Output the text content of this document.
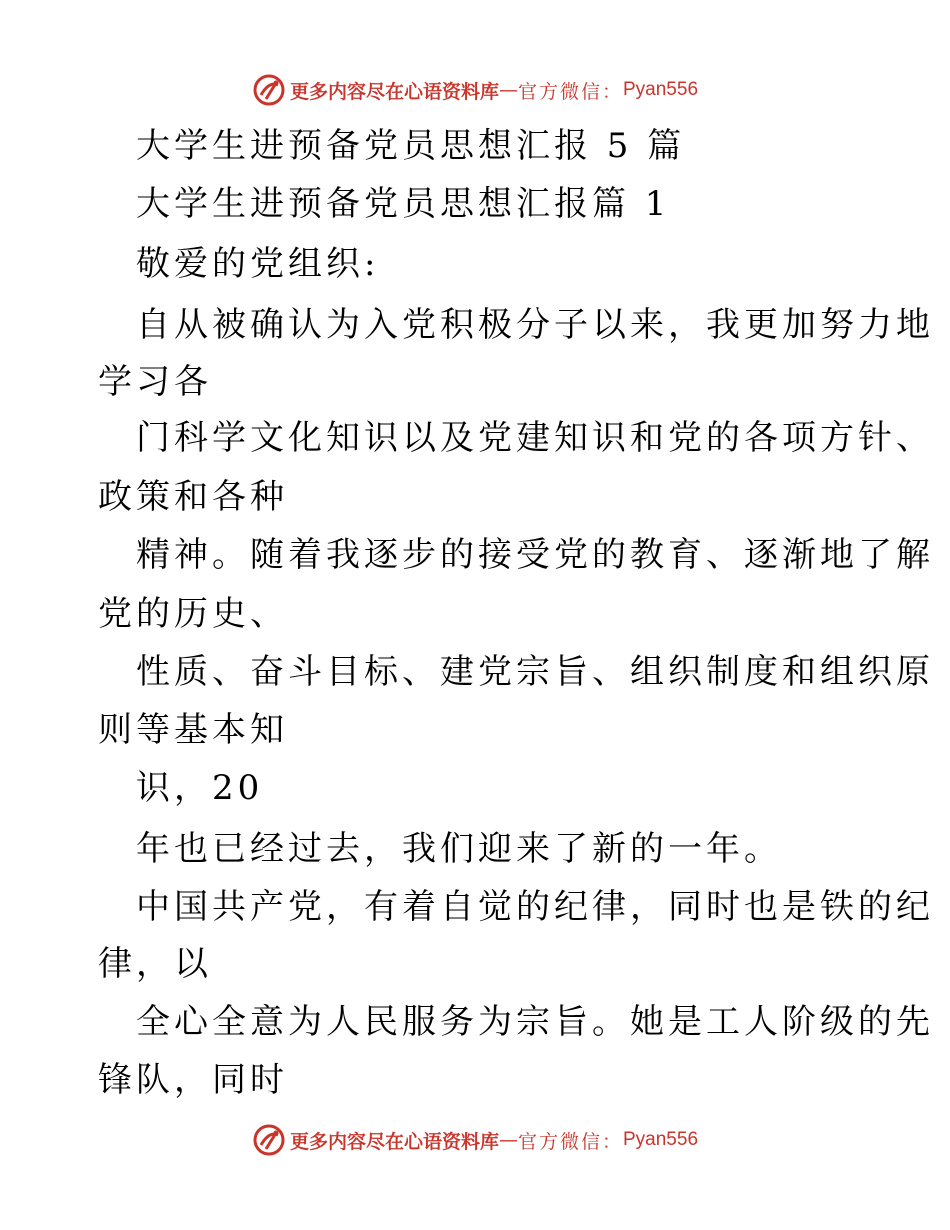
更多内容尽在心语资料库 — 官方微信： Pyan556
大学生进预备党员思想汇报 5 篇
大学生进预备党员思想汇报篇 1
敬爱的党组织:
自从被确认为入党积极分子以来，我更加努力地
学习各
门科学文化知识以及党建知识和党的各项方针、
政策和各种
精神。随着我逐步的接受党的教育、逐渐地了解
党的历史、
性质、奋斗目标、建党宗旨、组织制度和组织原
则等基本知
识，20
年也已经过去，我们迎来了新的一年。
中国共产党，有着自觉的纪律，同时也是铁的纪
律，以
全心全意为人民服务为宗旨。她是工人阶级的先
锋队，同时
更多内容尽在心语资料库 — 官方微信： Pyan556
